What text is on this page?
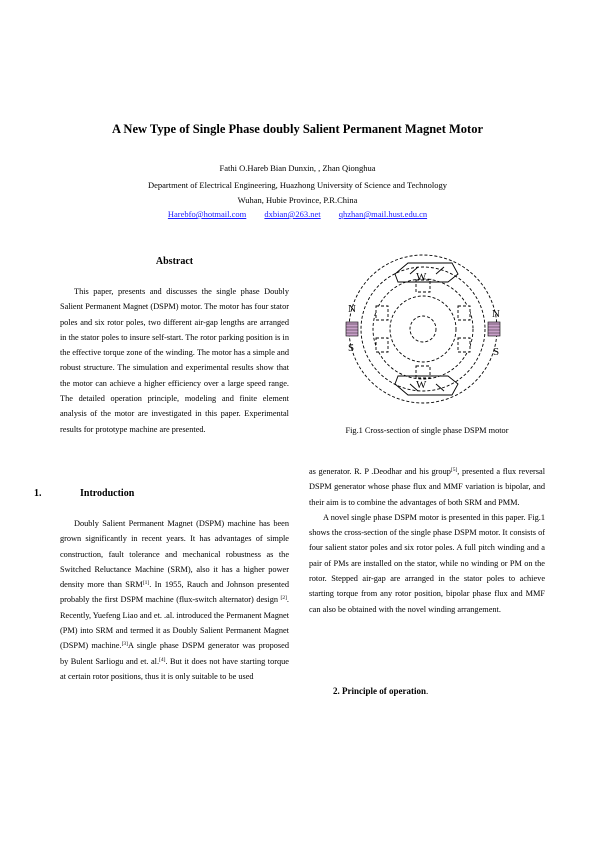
A New Type of Single Phase doubly Salient Permanent Magnet Motor
Fathi O.Hareb Bian Dunxin, , Zhan Qionghua
Department of Electrical Engineering, Huazhong University of Science and Technology
Wuhan, Hubie Province, P.R.China
Harebfo@hotmail.com dxbian@263.net qhzhan@mail.hust.edu.cn
Abstract

This paper, presents and discusses the single phase Doubly Salient Permanent Magnet (DSPM) motor. The motor has four stator poles and six rotor poles, two different air-gap lengths are arranged in the stator poles to insure self-start. The rotor parking position is in the effective torque zone of the winding. The motor has a simple and robust structure. The simulation and experimental results show that the motor can achieve a higher efficiency over a large speed range. The detailed operation principle, modeling and finite element analysis of the motor are investigated in this paper. Experimental results for prototype machine are presented.

1.	Introduction

Doubly Salient Permanent Magnet (DSPM) machine has been grown significantly in recent years. It has advantages of simple construction, fault tolerance and mechanical robustness as the Switched Reluctance Machine (SRM), also it has a higher power density more than SRM[1]. In 1955, Rauch and Johnson presented probably the first DSPM machine (flux-switch alternator) design [2]. Recently, Yuefeng Liao and et. .al. introduced the Permanent Magnet (PM) into SRM and termed it as Doubly Salient Permanent Magnet (DSPM) machine.[3]A single phase DSPM generator was proposed by Bulent Sarliogu and et. al.[4]. But it does not have starting torque at certain rotor positions, thus it is only suitable to be used

W −
W
N
S
N
S
Fig.1 Cross-section of single phase DSPM motor

as generator. R. P .Deodhar and his group[5], presented a flux reversal DSPM generator whose phase flux and MMF variation is bipolar, and their aim is to combine the advantages of both SRM and PMM.

A novel single phase DSPM motor is presented in this paper. Fig.1 shows the cross-section of the single phase DSPM motor. It consists of four salient stator poles and six rotor poles. A full pitch winding and a pair of PMs are installed on the stator, while no winding or PM on the rotor. Stepped air-gap are arranged in the stator poles to achieve starting torque from any rotor position, bipolar phase flux and MMF can also be obtained with the novel winding arrangement.

2. Principle of operation.
